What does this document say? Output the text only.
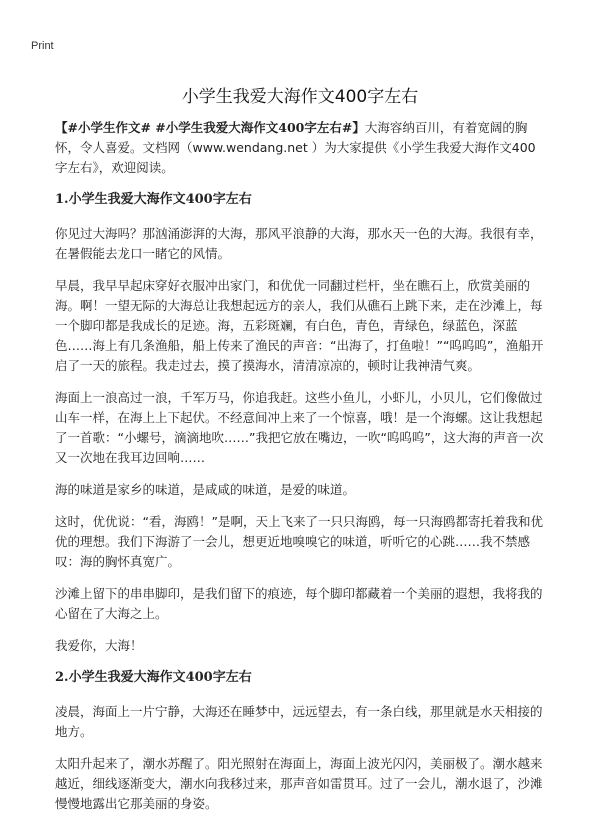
Print
小学生我爱大海作文400字左右

【#小学生作文# #小学生我爱大海作文400字左右#】大海容纳百川，有着宽阔的胸怀，令人喜爱。文档网（www.wendang.net ）为大家提供《小学生我爱大海作文400字左右》，欢迎阅读。

1.小学生我爱大海作文400字左右

你见过大海吗？那汹涌澎湃的大海，那风平浪静的大海，那水天一色的大海。我很有幸，在暑假能去龙口一睹它的风情。

早晨，我早早起床穿好衣服冲出家门，和优优一同翻过栏杆，坐在瞧石上，欣赏美丽的海。啊！一望无际的大海总让我想起远方的亲人，我们从礁石上跳下来，走在沙滩上，每一个脚印都是我成长的足迹。海，五彩斑斓，有白色，青色，青绿色，绿蓝色，深蓝色……海上有几条渔船，船上传来了渔民的声音：“出海了，打鱼啦！”“呜呜呜”，渔船开启了一天的旅程。我走过去，摸了摸海水，清清凉凉的，顿时让我神清气爽。

海面上一浪高过一浪，千军万马，你追我赶。这些小鱼儿，小虾儿，小贝儿，它们像做过山车一样，在海上上下起伏。不经意间冲上来了一个惊喜，哦！是一个海螺。这让我想起了一首歌：“小螺号，滴滴地吹……”我把它放在嘴边，一吹“呜呜呜”，这大海的声音一次又一次地在我耳边回响……

海的味道是家乡的味道，是咸咸的味道，是爱的味道。

这时，优优说：“看，海鸥！”是啊，天上飞来了一只只海鸥，每一只海鸥都寄托着我和优优的理想。我们下海游了一会儿，想更近地嗅嗅它的味道，听听它的心跳……我不禁感叹：海的胸怀真宽广。

沙滩上留下的串串脚印，是我们留下的痕迹，每个脚印都藏着一个美丽的遐想，我将我的心留在了大海之上。

我爱你，大海！

2.小学生我爱大海作文400字左右

凌晨，海面上一片宁静，大海还在睡梦中，远远望去，有一条白线，那里就是水天相接的地方。

太阳升起来了，潮水苏醒了。阳光照射在海面上，海面上波光闪闪，美丽极了。潮水越来越近，细线逐渐变大，潮水向我移过来，那声音如雷贯耳。过了一会儿，潮水退了，沙滩慢慢地露出它那美丽的身姿。
